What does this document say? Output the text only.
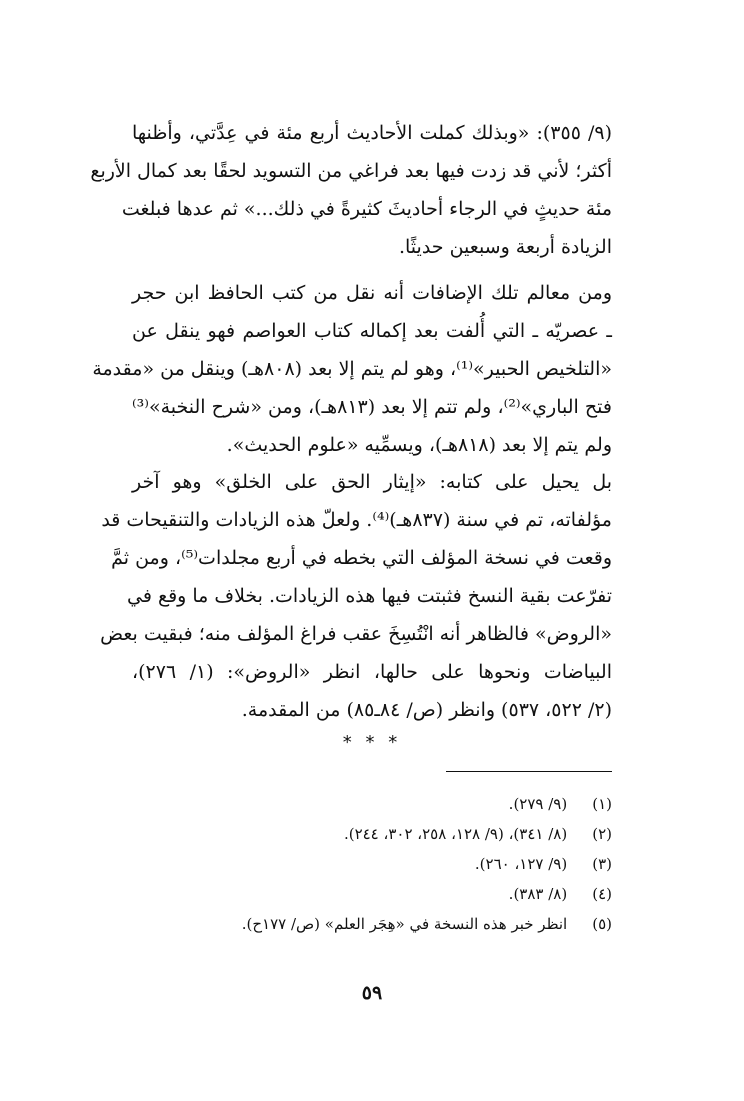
(٩/ ٣٥٥): «وبذلك كملت الأحاديث أربع مئة في عِدَّتي، وأظنها
أكثر؛ لأني قد زدت فيها بعد فراغي من التسويد لحقًا بعد كمال الأربع
مئة حديثٍ في الرجاء أحاديثَ كثيرةً في ذلك...» ثم عدها فبلغت
الزيادة أربعة وسبعين حديثًا.
ومن معالم تلك الإضافات أنه نقل من كتب الحافظ ابن حجر
ـ عصريّه ـ التي أُلفت بعد إكماله كتاب العواصم فهو ينقل عن
«التلخيص الحبير»⁽¹⁾، وهو لم يتم إلا بعد (٨٠٨هـ) وينقل من «مقدمة
فتح الباري»⁽²⁾، ولم تتم إلا بعد (٨١٣هـ)، ومن «شرح النخبة»⁽³⁾
ولم يتم إلا بعد (٨١٨هـ)، ويسمِّيه «علوم الحديث».
بل يحيل على كتابه: «إيثار الحق على الخلق» وهو آخر
مؤلفاته، تم في سنة (٨٣٧هـ)⁽⁴⁾. ولعلّ هذه الزيادات والتنقيحات قد
وقعت في نسخة المؤلف التي بخطه في أربع مجلدات⁽⁵⁾، ومن ثمَّ
تفرّعت بقية النسخ فثبتت فيها هذه الزيادات. بخلاف ما وقع في
«الروض» فالظاهر أنه انْتُسِخَ عقب فراغ المؤلف منه؛ فبقيت بعض
البياضات ونحوها على حالها، انظر «الروض»: (١/ ٢٧٦)،
(٢/ ٥٢٢، ٥٣٧) وانظر (ص/ ٨٤ـ٨٥) من المقدمة.
* * *
(١) (٩/ ٢٧٩).
(٢) (٨/ ٣٤١)، (٩/ ١٢٨، ٢٥٨، ٣٠٢، ٢٤٤).
(٣) (٩/ ١٢٧، ٢٦٠).
(٤) (٨/ ٣٨٣).
(٥) انظر خبر هذه النسخة في «هِجَر العلم» (ص/ ١٧٧ح).
٥٩
